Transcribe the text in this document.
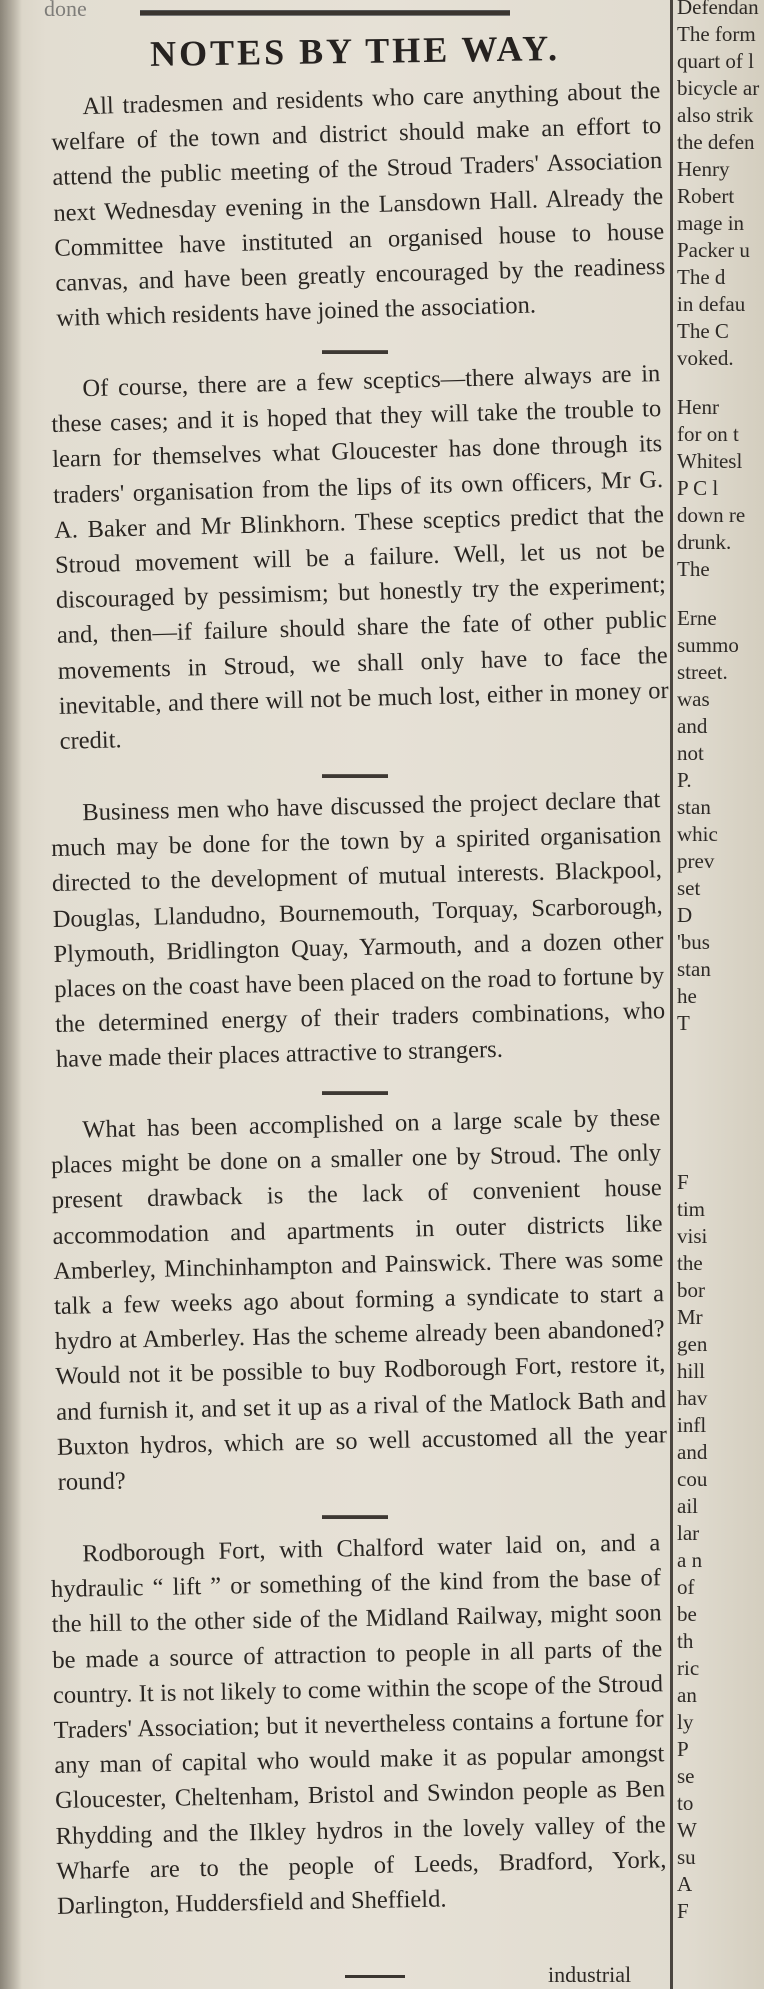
done
NOTES BY THE WAY.

All tradesmen and residents who care anything about the welfare of the town and district should make an effort to attend the public meeting of the Stroud Traders' Association next Wednesday evening in the Lansdown Hall. Already the Committee have instituted an organised house to house canvas, and have been greatly encouraged by the readiness with which residents have joined the association.

Of course, there are a few sceptics—there always are in these cases; and it is hoped that they will take the trouble to learn for themselves what Gloucester has done through its traders' organisation from the lips of its own officers, Mr G. A. Baker and Mr Blinkhorn. These sceptics predict that the Stroud movement will be a failure. Well, let us not be discouraged by pessimism; but honestly try the experiment; and, then—if failure should share the fate of other public movements in Stroud, we shall only have to face the inevitable, and there will not be much lost, either in money or credit.

Business men who have discussed the project declare that much may be done for the town by a spirited organisation directed to the development of mutual interests. Blackpool, Douglas, Llandudno, Bournemouth, Torquay, Scarborough, Plymouth, Bridlington Quay, Yarmouth, and a dozen other places on the coast have been placed on the road to fortune by the determined energy of their traders combinations, who have made their places attractive to strangers.

What has been accomplished on a large scale by these places might be done on a smaller one by Stroud. The only present drawback is the lack of convenient house accommodation and apartments in outer districts like Amberley, Minchinhampton and Painswick. There was some talk a few weeks ago about forming a syndicate to start a hydro at Amberley. Has the scheme already been abandoned? Would not it be possible to buy Rodborough Fort, restore it, and furnish it, and set it up as a rival of the Matlock Bath and Buxton hydros, which are so well accustomed all the year round?

Rodborough Fort, with Chalford water laid on, and a hydraulic “ lift ” or something of the kind from the base of the hill to the other side of the Midland Railway, might soon be made a source of attraction to people in all parts of the country. It is not likely to come within the scope of the Stroud Traders' Association; but it nevertheless contains a fortune for any man of capital who would make it as popular amongst Gloucester, Cheltenham, Bristol and Swindon people as Ben Rhydding and the Ilkley hydros in the lovely valley of the Wharfe are to the people of Leeds, Bradford, York, Darlington, Huddersfield and Sheffield.

industrial
Defendan
The form
quart of l
bicycle ar
also strik
the defen
Henry
Robert
mage in
Packer u
The d
in defau
The C
voked.
Henr
for on t
Whitesl
P C l
down re
drunk.
The
Erne
summo
street.
was
and
not
P.
stan
whic
prev
set
D
'bus
stan
he
T
F
tim
visi
the
bor
Mr
gen
hill
hav
infl
and
cou
ail
lar
a n
of
be
th
ric
an
ly
P
se
to
W
su
A
F
